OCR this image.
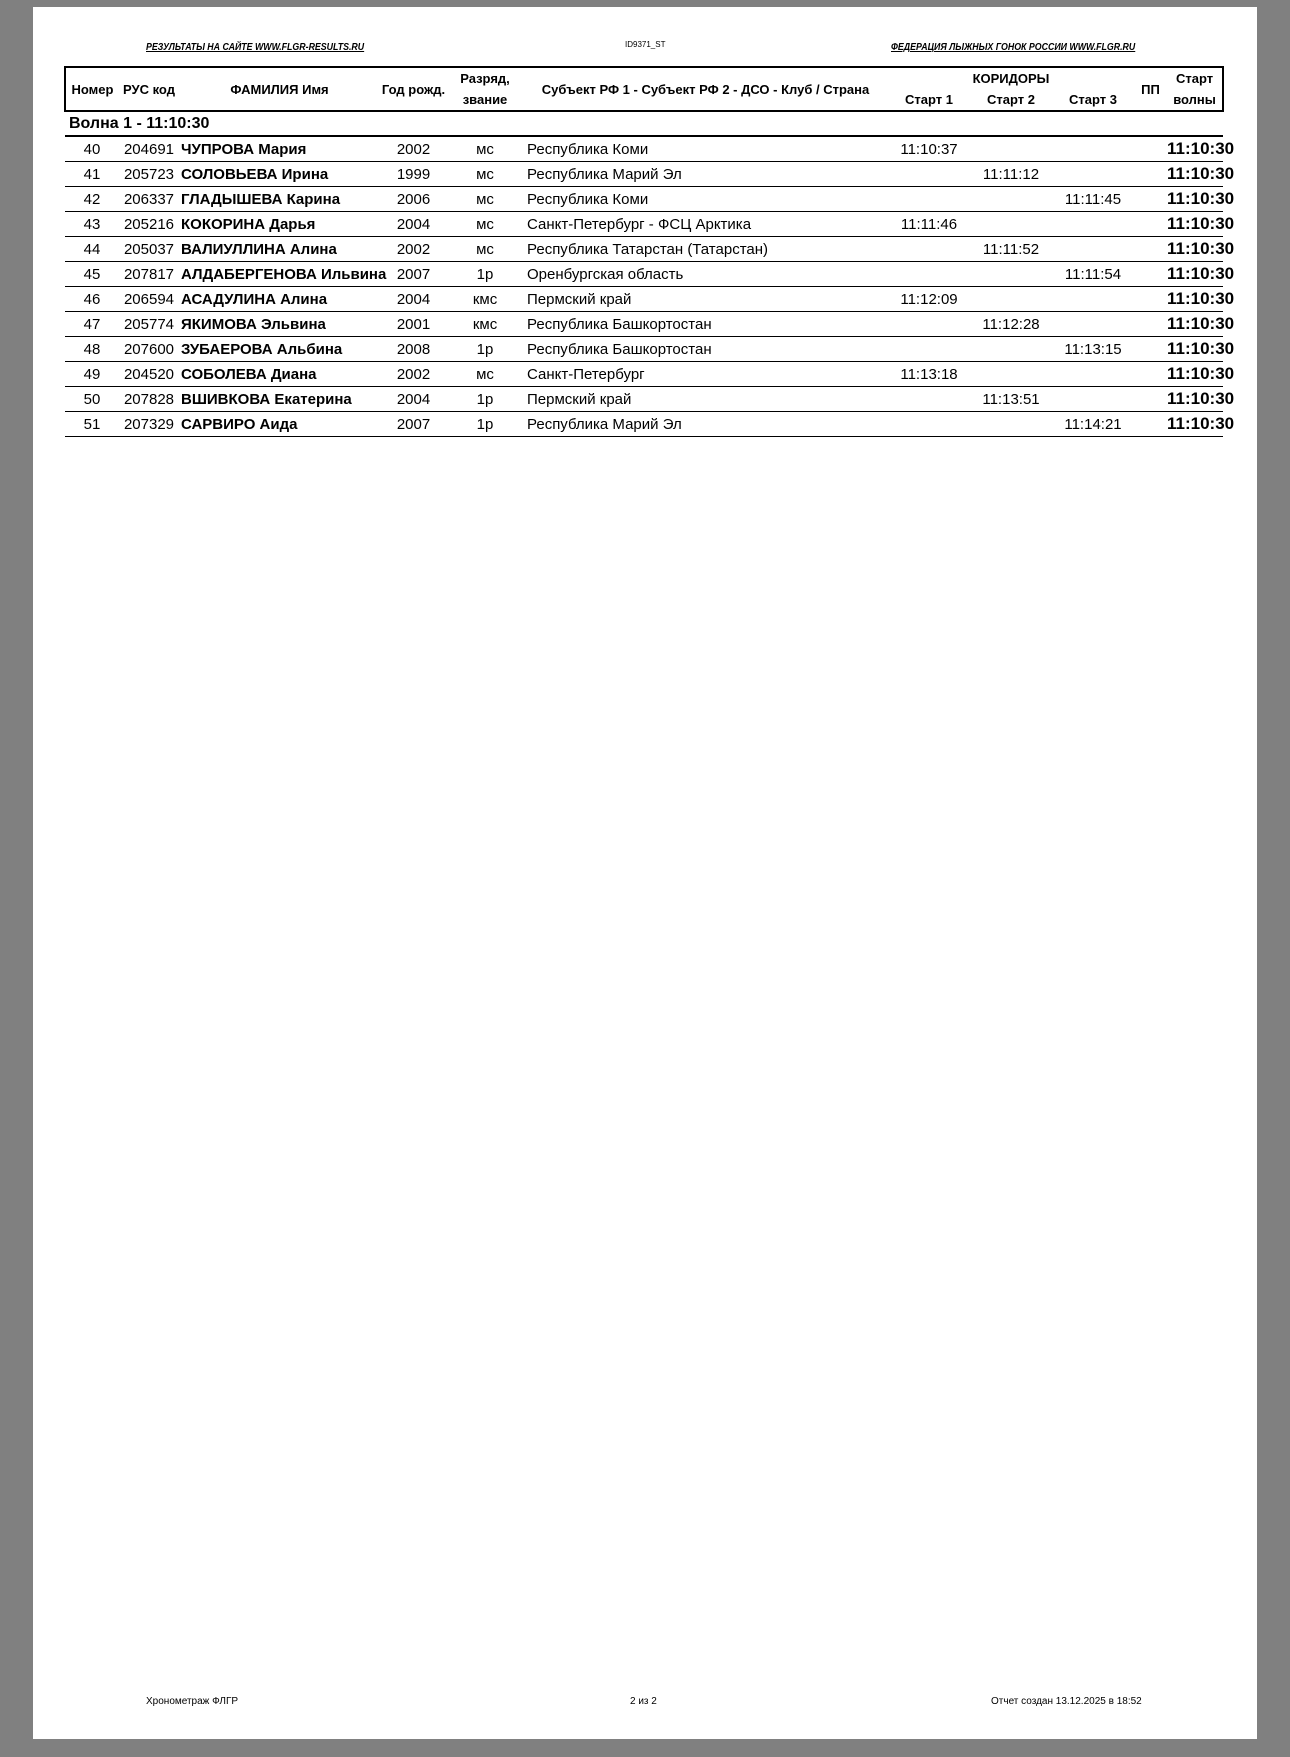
РЕЗУЛЬТАТЫ НА САЙТЕ WWW.FLGR-RESULTS.RU	ID9371_ST	ФЕДЕРАЦИЯ ЛЫЖНЫХ ГОНОК РОССИИ WWW.FLGR.RU
Номер	РУС код	ФАМИЛИЯ Имя	Год рожд.	Разряд,	Субъект РФ 1 - Субъект РФ 2 - ДСО - Клуб / Страна	КОРИДОРЫ			ПП	Старт
				звание		Старт 1	Старт 2	Старт 3		волны
Волна 1 - 11:10:30										
40	204691	ЧУПРОВА Мария	2002	мс	Республика Коми	11:10:37				11:10:30
41	205723	СОЛОВЬЕВА Ирина	1999	мс	Республика Марий Эл		11:11:12			11:10:30
42	206337	ГЛАДЫШЕВА Карина	2006	мс	Республика Коми			11:11:45		11:10:30
43	205216	КОКОРИНА Дарья	2004	мс	Санкт-Петербург - ФСЦ Арктика	11:11:46				11:10:30
44	205037	ВАЛИУЛЛИНА Алина	2002	мс	Республика Татарстан (Татарстан)		11:11:52			11:10:30
45	207817	АЛДАБЕРГЕНОВА Ильвина	2007	1р	Оренбургская область			11:11:54		11:10:30
46	206594	АСАДУЛИНА Алина	2004	кмс	Пермский край	11:12:09				11:10:30
47	205774	ЯКИМОВА Эльвина	2001	кмс	Республика Башкортостан		11:12:28			11:10:30
48	207600	ЗУБАЕРОВА Альбина	2008	1р	Республика Башкортостан			11:13:15		11:10:30
49	204520	СОБОЛЕВА Диана	2002	мс	Санкт-Петербург	11:13:18				11:10:30
50	207828	ВШИВКОВА Екатерина	2004	1р	Пермский край		11:13:51			11:10:30
51	207329	САРВИРО Аида	2007	1р	Республика Марий Эл			11:14:21		11:10:30
Хронометраж ФЛГР	2 из 2	Отчет создан 13.12.2025 в 18:52
